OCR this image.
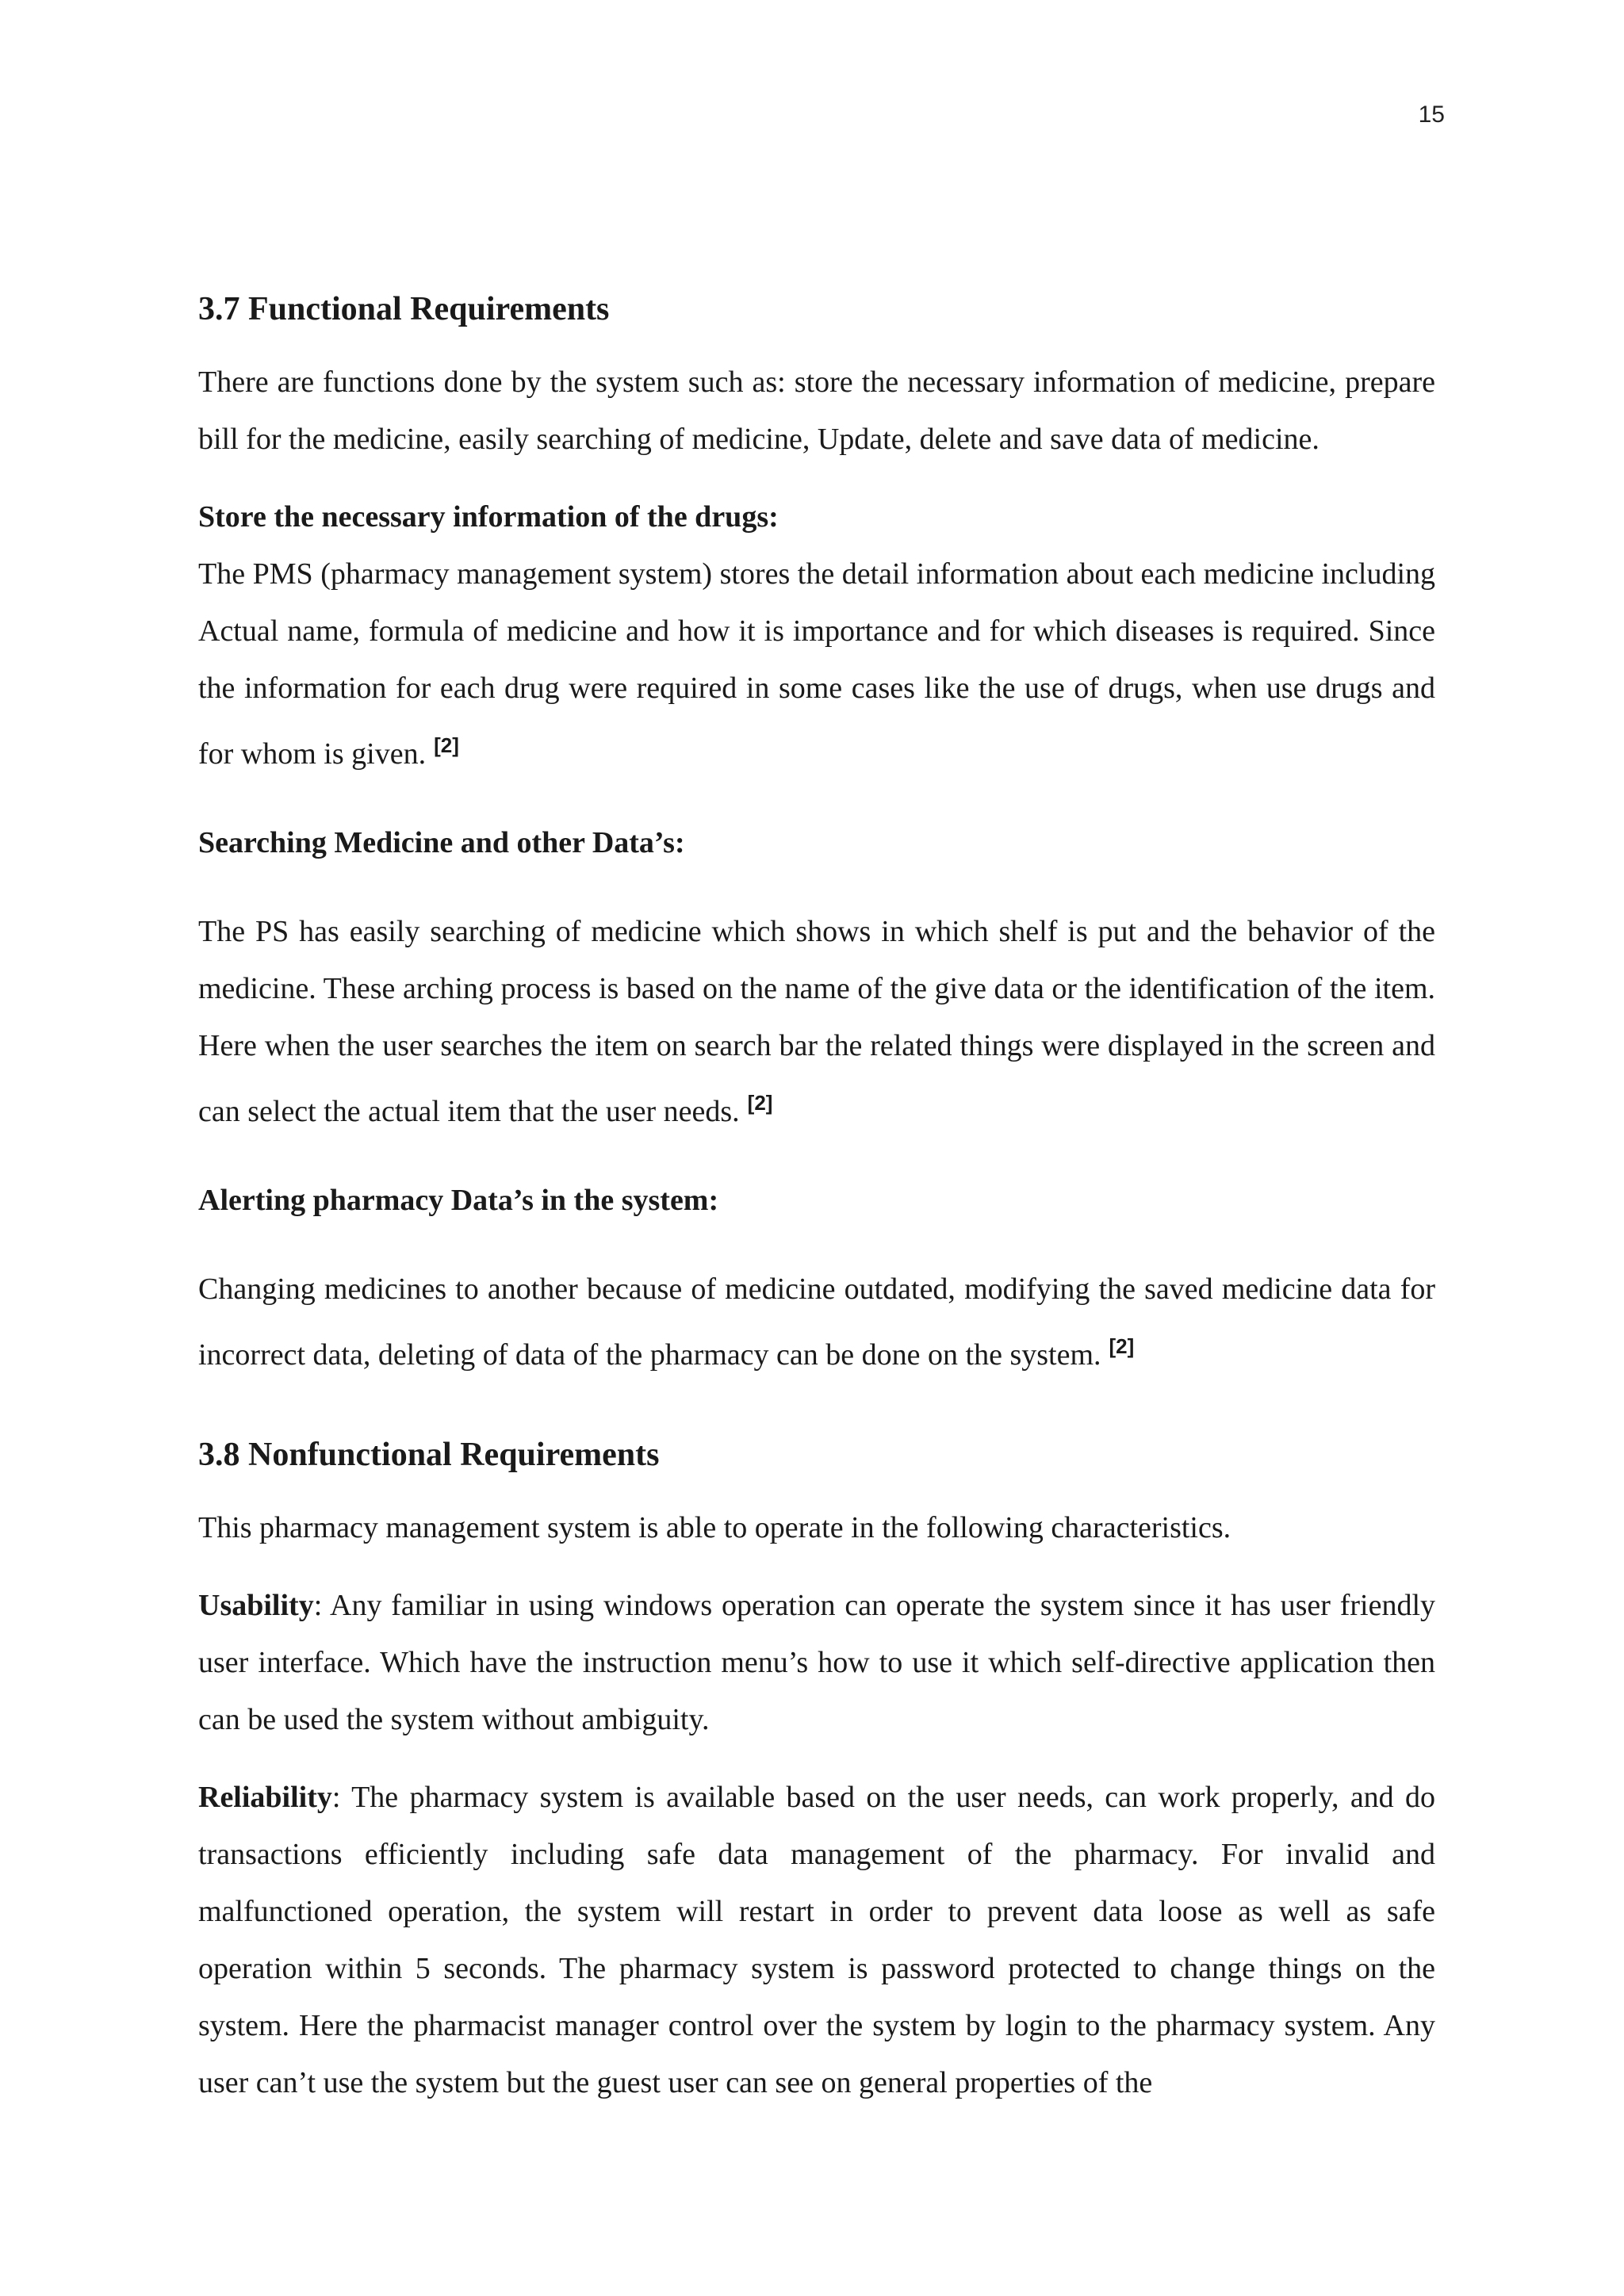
15
3.7 Functional Requirements

There are functions done by the system such as: store the necessary information of medicine, prepare bill for the medicine, easily searching of medicine, Update, delete and save data of medicine.

Store the necessary information of the drugs:

The PMS (pharmacy management system) stores the detail information about each medicine including Actual name, formula of medicine and how it is importance and for which diseases is required. Since the information for each drug were required in some cases like the use of drugs, when use drugs and for whom is given. [2]

Searching Medicine and other Data’s:

The PS has easily searching of medicine which shows in which shelf is put and the behavior of the medicine. These arching process is based on the name of the give data or the identification of the item. Here when the user searches the item on search bar the related things were displayed in the screen and can select the actual item that the user needs. [2]

Alerting pharmacy Data’s in the system:

Changing medicines to another because of medicine outdated, modifying the saved medicine data for incorrect data, deleting of data of the pharmacy can be done on the system. [2]

3.8 Nonfunctional Requirements

This pharmacy management system is able to operate in the following characteristics.

Usability: Any familiar in using windows operation can operate the system since it has user friendly user interface. Which have the instruction menu’s how to use it which self-directive application then can be used the system without ambiguity.

Reliability: The pharmacy system is available based on the user needs, can work properly, and do transactions efficiently including safe data management of the pharmacy. For invalid and malfunctioned operation, the system will restart in order to prevent data loose as well as safe operation within 5 seconds. The pharmacy system is password protected to change things on the system. Here the pharmacist manager control over the system by login to the pharmacy system. Any user can’t use the system but the guest user can see on general properties of the
